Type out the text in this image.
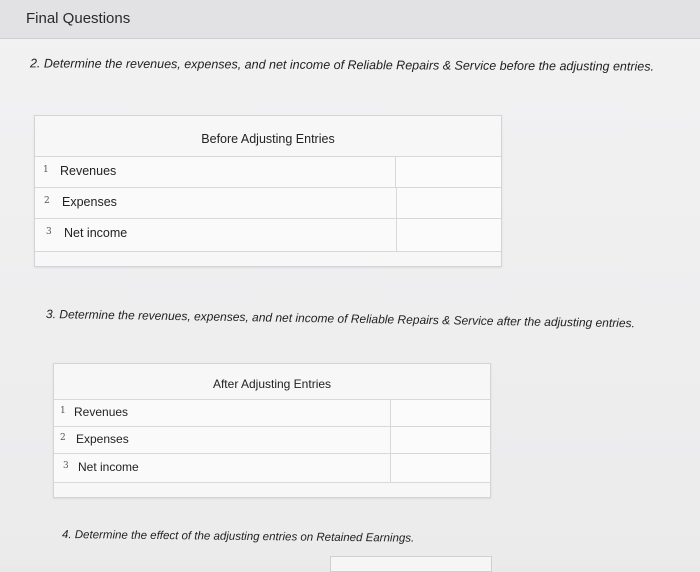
Final Questions
2. Determine the revenues, expenses, and net income of Reliable Repairs & Service before the adjusting entries.
Before Adjusting Entries
1 Revenues
2 Expenses
3 Net income
3. Determine the revenues, expenses, and net income of Reliable Repairs & Service after the adjusting entries.
After Adjusting Entries
1 Revenues
2 Expenses
3 Net income
4. Determine the effect of the adjusting entries on Retained Earnings.
